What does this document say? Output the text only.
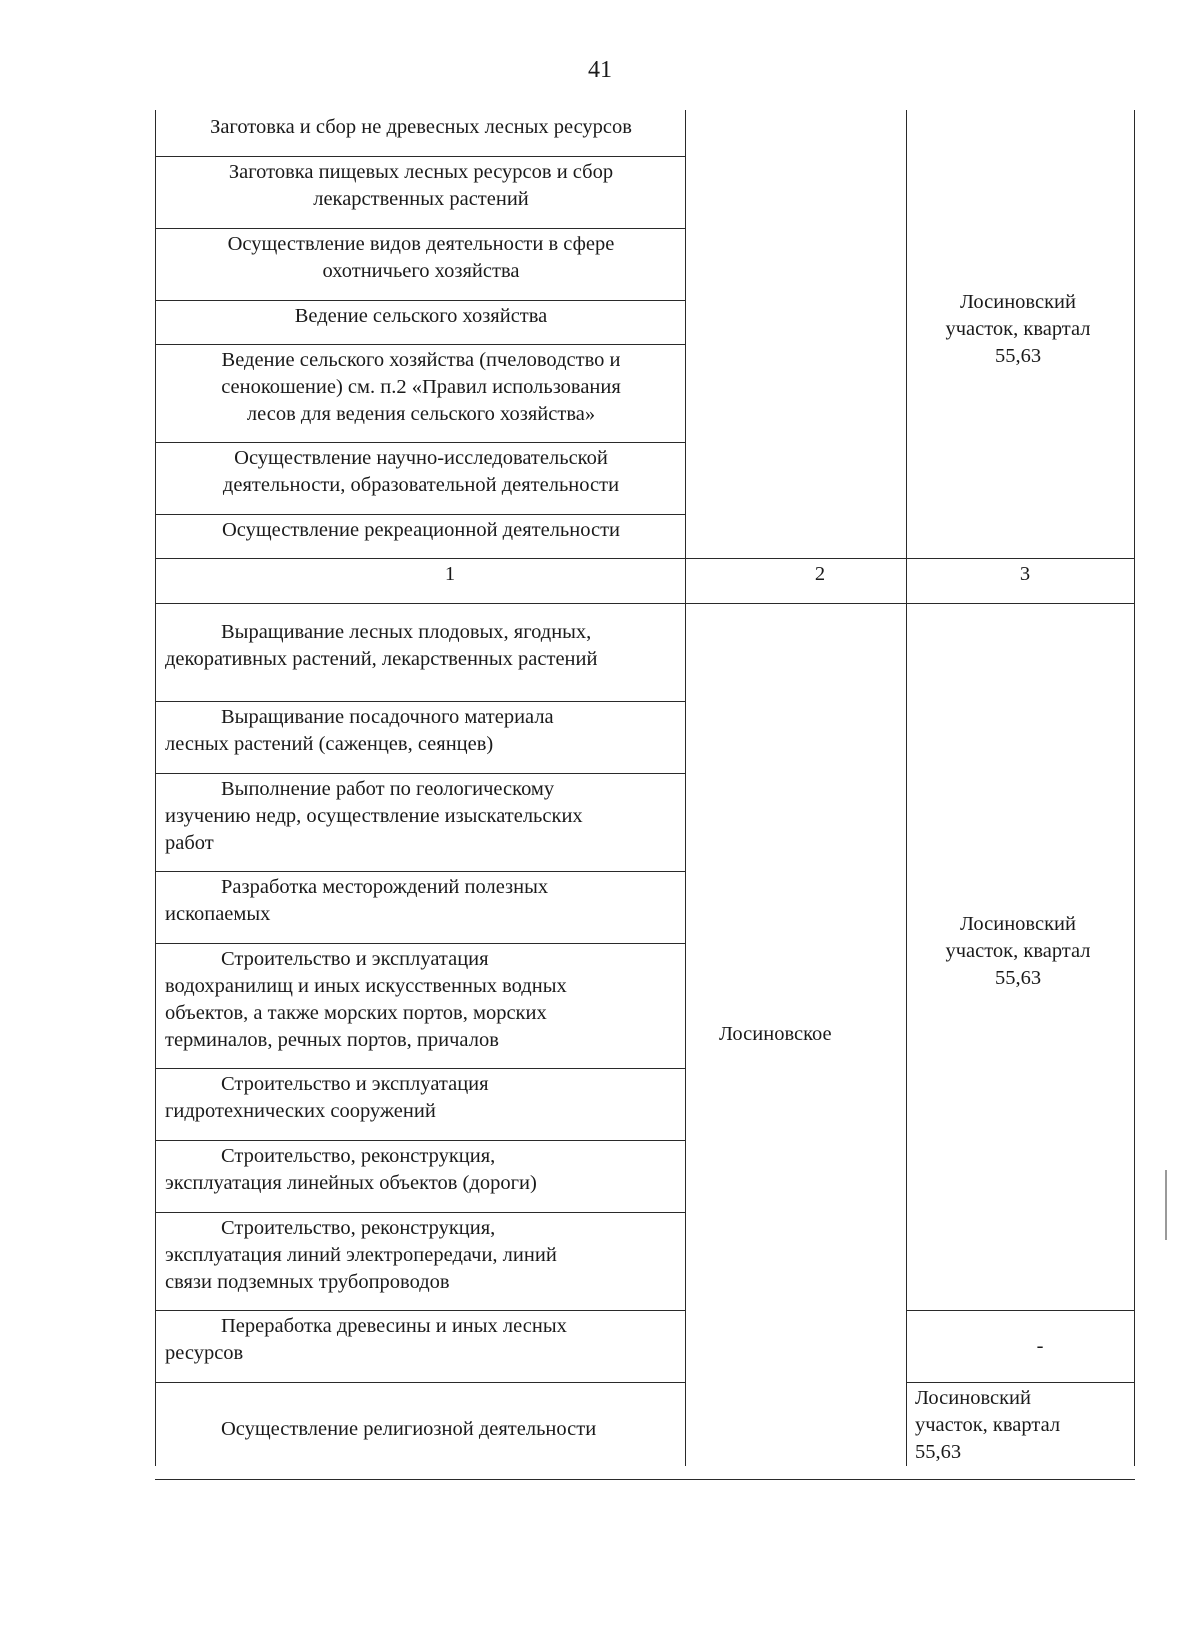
41
Заготовка и сбор не древесных лесных ресурсов
Заготовка пищевых лесных ресурсов и сбор
лекарственных растений
Осуществление видов деятельности в сфере
охотничьего хозяйства
Ведение сельского хозяйства
Ведение сельского хозяйства (пчеловодство и
сенокошение) см. п.2 «Правил использования
лесов для ведения сельского хозяйства»
Осуществление научно-исследовательской
деятельности, образовательной деятельности
Осуществление рекреационной деятельности
Лосиновский
участок, квартал
55,63
1	2	3
Выращивание лесных плодовых, ягодных,
декоративных растений, лекарственных растений
Выращивание посадочного материала
лесных растений (саженцев, сеянцев)
Выполнение работ по геологическому
изучению недр, осуществление изыскательских
работ
Разработка месторождений полезных
ископаемых
Строительство и эксплуатация
водохранилищ и иных искусственных водных
объектов, а также морских портов, морских
терминалов, речных портов, причалов
Строительство и эксплуатация
гидротехнических сооружений
Строительство, реконструкция,
эксплуатация линейных объектов (дороги)
Строительство, реконструкция,
эксплуатация линий электропередачи, линий
связи подземных трубопроводов
Переработка древесины и иных лесных
ресурсов
Осуществление религиозной деятельности
Лосиновское
Лосиновский
участок, квартал
55,63
-
Лосиновский
участок, квартал
55,63
